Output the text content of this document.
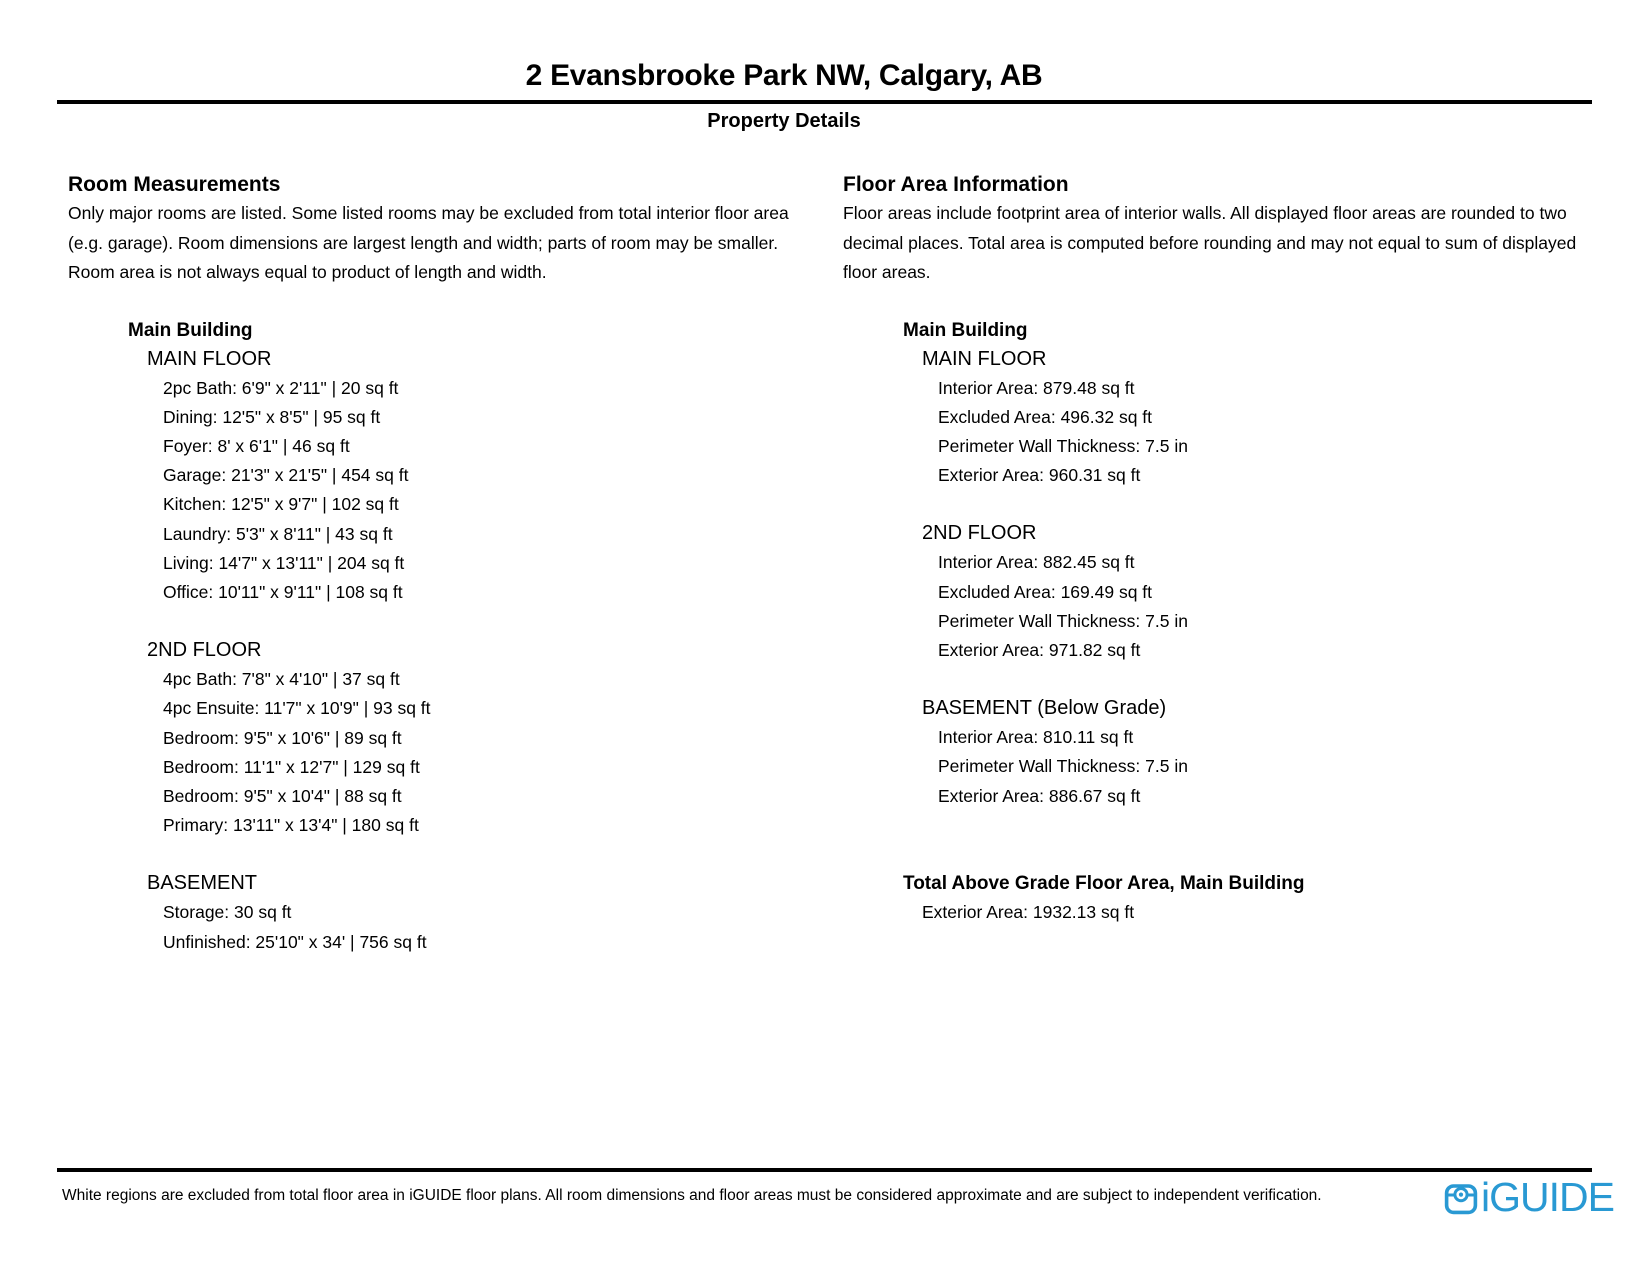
2 Evansbrooke Park NW, Calgary, AB
Property Details
Room Measurements
Only major rooms are listed. Some listed rooms may be excluded from total interior floor area
(e.g. garage). Room dimensions are largest length and width; parts of room may be smaller.
Room area is not always equal to product of length and width.
Main Building
MAIN FLOOR
2pc Bath: 6'9" x 2'11" | 20 sq ft
Dining: 12'5" x 8'5" | 95 sq ft
Foyer: 8' x 6'1" | 46 sq ft
Garage: 21'3" x 21'5" | 454 sq ft
Kitchen: 12'5" x 9'7" | 102 sq ft
Laundry: 5'3" x 8'11" | 43 sq ft
Living: 14'7" x 13'11" | 204 sq ft
Office: 10'11" x 9'11" | 108 sq ft
2ND FLOOR
4pc Bath: 7'8" x 4'10" | 37 sq ft
4pc Ensuite: 11'7" x 10'9" | 93 sq ft
Bedroom: 9'5" x 10'6" | 89 sq ft
Bedroom: 11'1" x 12'7" | 129 sq ft
Bedroom: 9'5" x 10'4" | 88 sq ft
Primary: 13'11" x 13'4" | 180 sq ft
BASEMENT
Storage: 30 sq ft
Unfinished: 25'10" x 34' | 756 sq ft
Floor Area Information
Floor areas include footprint area of interior walls. All displayed floor areas are rounded to two
decimal places. Total area is computed before rounding and may not equal to sum of displayed
floor areas.
Main Building
MAIN FLOOR
Interior Area: 879.48 sq ft
Excluded Area: 496.32 sq ft
Perimeter Wall Thickness: 7.5 in
Exterior Area: 960.31 sq ft
2ND FLOOR
Interior Area: 882.45 sq ft
Excluded Area: 169.49 sq ft
Perimeter Wall Thickness: 7.5 in
Exterior Area: 971.82 sq ft
BASEMENT (Below Grade)
Interior Area: 810.11 sq ft
Perimeter Wall Thickness: 7.5 in
Exterior Area: 886.67 sq ft
Total Above Grade Floor Area, Main Building
Exterior Area: 1932.13 sq ft
White regions are excluded from total floor area in iGUIDE floor plans. All room dimensions and floor areas must be considered approximate and are subject to independent verification.	iGUIDE
